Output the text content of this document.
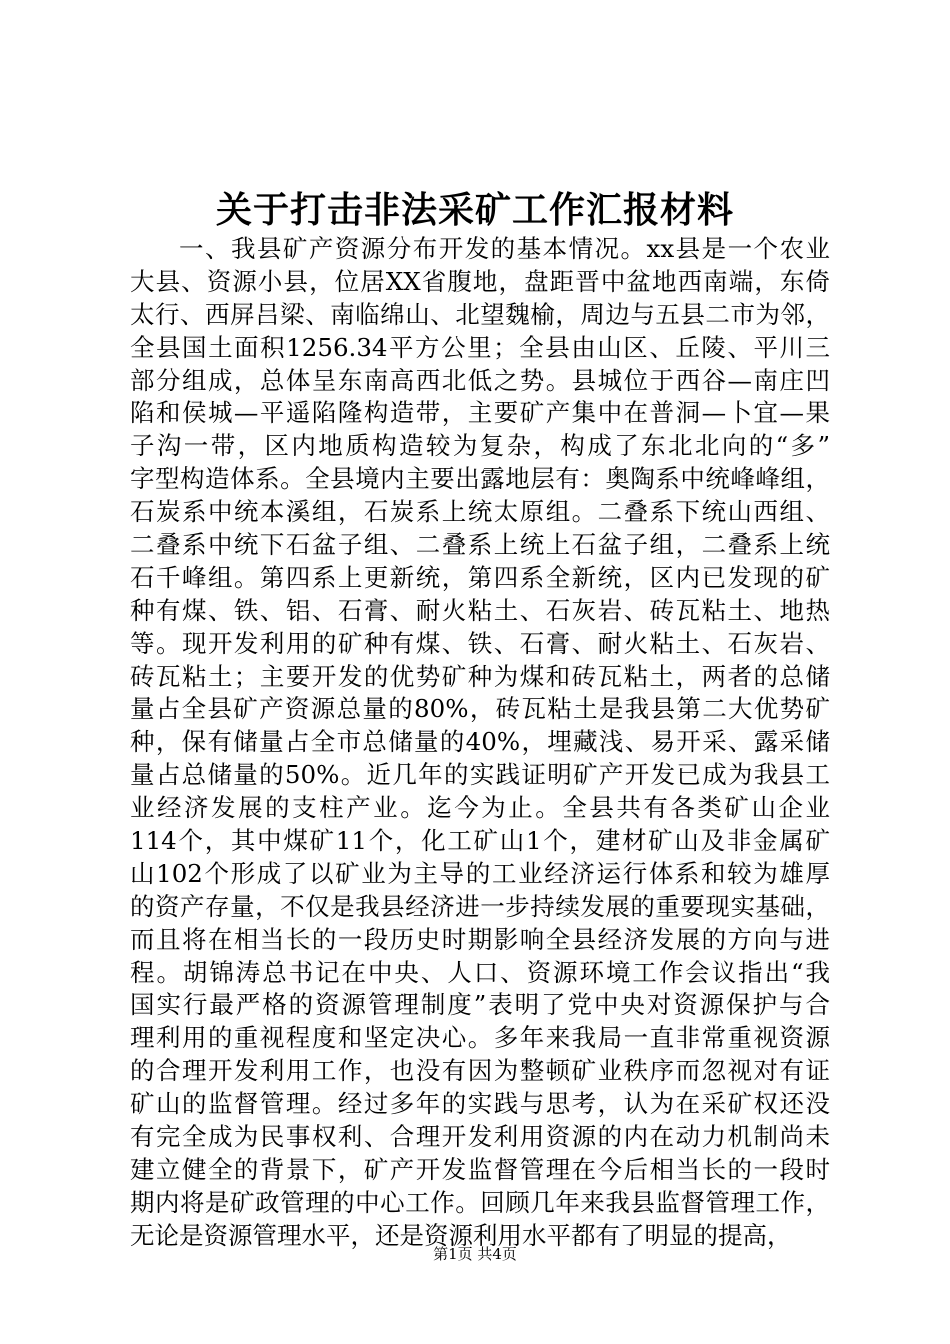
关于打击非法采矿工作汇报材料
一、我县矿产资源分布开发的基本情况。xx县是一个农业
大县、资源小县，位居XX省腹地，盘距晋中盆地西南端，东倚
太行、西屏吕梁、南临绵山、北望魏榆，周边与五县二市为邻，
全县国土面积1256.34平方公里；全县由山区、丘陵、平川三
部分组成，总体呈东南高西北低之势。县城位于西谷—南庄凹
陷和侯城—平遥陷隆构造带，主要矿产集中在普洞—卜宜—果
子沟一带，区内地质构造较为复杂，构成了东北北向的“多”
字型构造体系。全县境内主要出露地层有：奥陶系中统峰峰组，
石炭系中统本溪组，石炭系上统太原组。二叠系下统山西组、
二叠系中统下石盆子组、二叠系上统上石盆子组，二叠系上统
石千峰组。第四系上更新统，第四系全新统，区内已发现的矿
种有煤、铁、铝、石膏、耐火粘土、石灰岩、砖瓦粘土、地热
等。现开发利用的矿种有煤、铁、石膏、耐火粘土、石灰岩、
砖瓦粘土；主要开发的优势矿种为煤和砖瓦粘土，两者的总储
量占全县矿产资源总量的80%，砖瓦粘土是我县第二大优势矿
种，保有储量占全市总储量的40%，埋藏浅、易开采、露采储
量占总储量的50%。近几年的实践证明矿产开发已成为我县工
业经济发展的支柱产业。迄今为止。全县共有各类矿山企业
114个，其中煤矿11个，化工矿山1个，建材矿山及非金属矿
山102个形成了以矿业为主导的工业经济运行体系和较为雄厚
的资产存量，不仅是我县经济进一步持续发展的重要现实基础，
而且将在相当长的一段历史时期影响全县经济发展的方向与进
程。胡锦涛总书记在中央、人口、资源环境工作会议指出“我
国实行最严格的资源管理制度”表明了党中央对资源保护与合
理利用的重视程度和坚定决心。多年来我局一直非常重视资源
的合理开发利用工作，也没有因为整顿矿业秩序而忽视对有证
矿山的监督管理。经过多年的实践与思考，认为在采矿权还没
有完全成为民事权利、合理开发利用资源的内在动力机制尚未
建立健全的背景下，矿产开发监督管理在今后相当长的一段时
期内将是矿政管理的中心工作。回顾几年来我县监督管理工作，
无论是资源管理水平，还是资源利用水平都有了明显的提高，
第1页 共4页
